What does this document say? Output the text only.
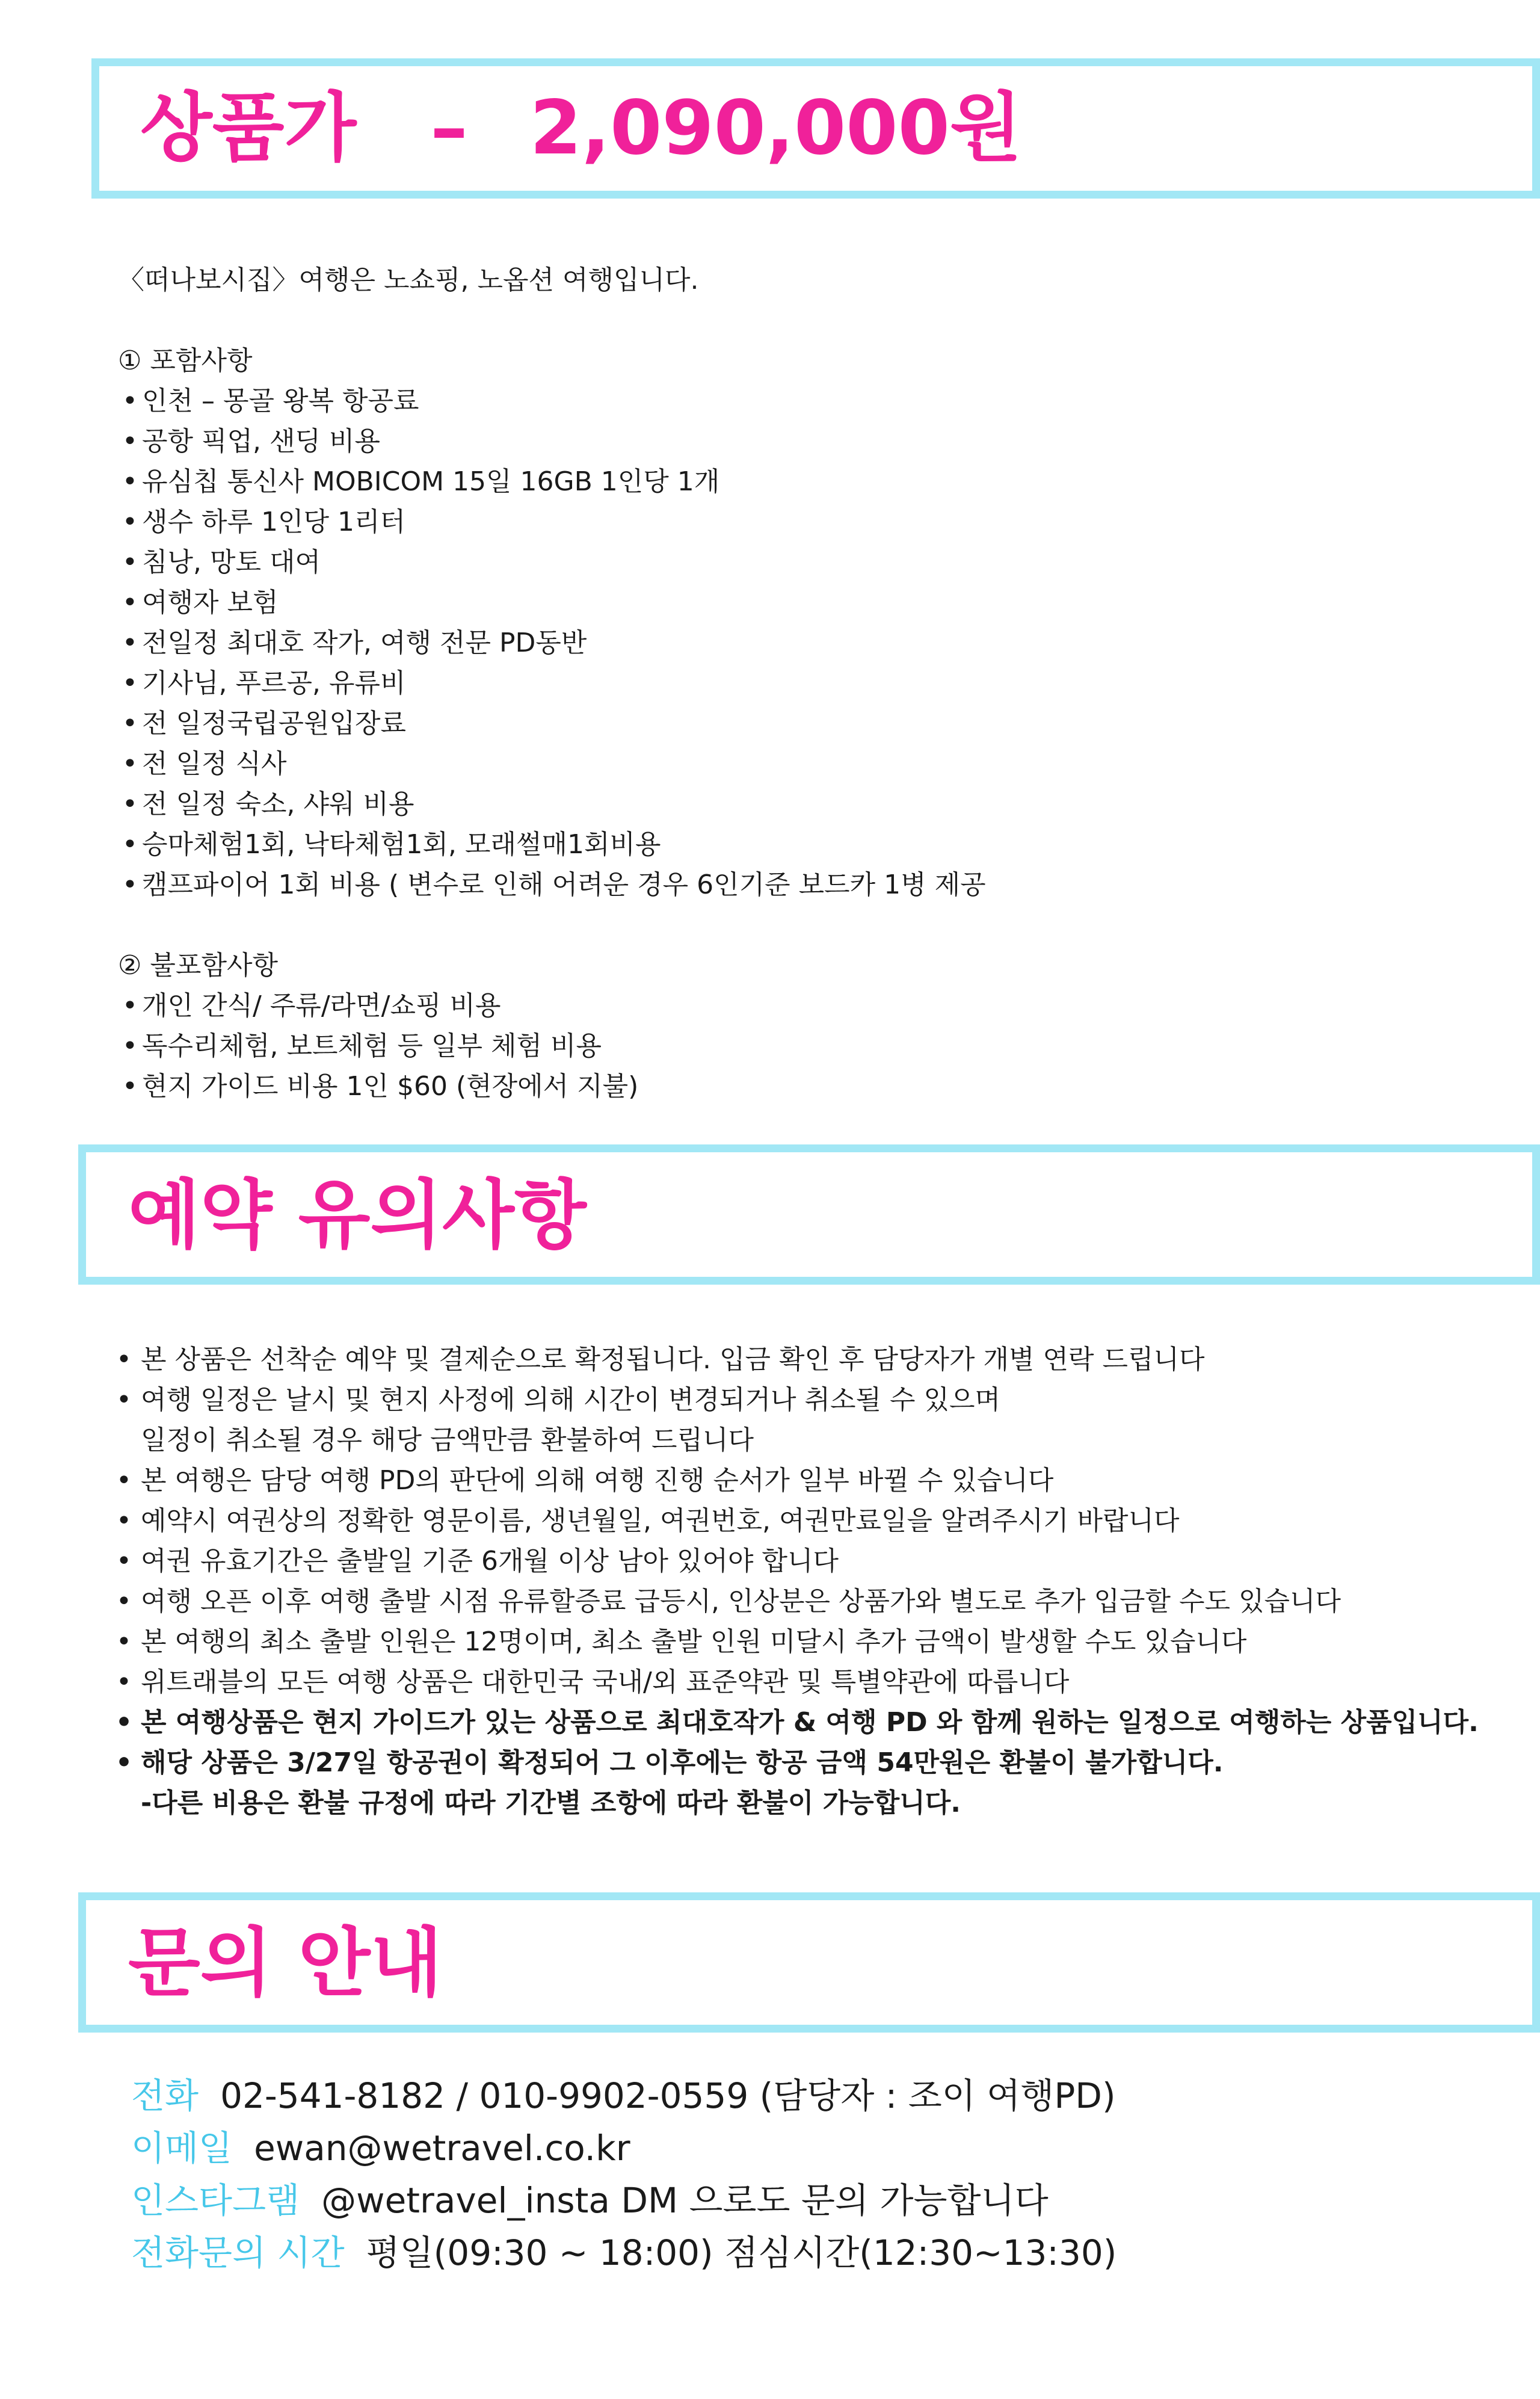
상품가 – 2,090,000원

〈떠나보시집〉여행은 노쇼핑, 노옵션 여행입니다.

① 포함사항

• 인천 – 몽골 왕복 항공료
• 공항 픽업, 샌딩 비용
• 유심칩 통신사 MOBICOM 15일 16GB 1인당 1개
• 생수 하루 1인당 1리터
• 침낭, 망토 대여
• 여행자 보험
• 전일정 최대호 작가, 여행 전문 PD동반
• 기사님, 푸르공, 유류비
• 전 일정국립공원입장료
• 전 일정 식사
• 전 일정 숙소, 샤워 비용
• 승마체험1회, 낙타체험1회, 모래썰매1회비용
• 캠프파이어 1회 비용 ( 변수로 인해 어려운 경우 6인기준 보드카 1병 제공

② 불포함사항

• 개인 간식/ 주류/라면/쇼핑 비용
• 독수리체험, 보트체험 등 일부 체험 비용
• 현지 가이드 비용 1인 $60 (현장에서 지불)
예약 유의사항
• 본 상품은 선착순 예약 및 결제순으로 확정됩니다. 입금 확인 후 담당자가 개별 연락 드립니다
• 여행 일정은 날시 및 현지 사정에 의해 시간이 변경되거나 취소될 수 있으며
일정이 취소될 경우 해당 금액만큼 환불하여 드립니다
• 본 여행은 담당 여행 PD의 판단에 의해 여행 진행 순서가 일부 바뀔 수 있습니다
• 예약시 여권상의 정확한 영문이름, 생년월일, 여권번호, 여권만료일을 알려주시기 바랍니다
• 여권 유효기간은 출발일 기준 6개월 이상 남아 있어야 합니다
• 여행 오픈 이후 여행 출발 시점 유류할증료 급등시, 인상분은 상품가와 별도로 추가 입금할 수도 있습니다
• 본 여행의 최소 출발 인원은 12명이며, 최소 출발 인원 미달시 추가 금액이 발생할 수도 있습니다
• 위트래블의 모든 여행 상품은 대한민국 국내/외 표준약관 및 특별약관에 따릅니다
• 본 여행상품은 현지 가이드가 있는 상품으로 최대호작가 & 여행 PD 와 함께 원하는 일정으로 여행하는 상품입니다.
• 해당 상품은 3/27일 항공권이 확정되어 그 이후에는 항공 금액 54만원은 환불이 불가합니다.
-다른 비용은 환불 규정에 따라 기간별 조항에 따라 환불이 가능합니다.
문의 안내
전화 02-541-8182 / 010-9902-0559 (담당자 : 조이 여행PD)
이메일 ewan@wetravel.co.kr
인스타그램 @wetravel_insta DM 으로도 문의 가능합니다
전화문의 시간 평일(09:30 ~ 18:00) 점심시간(12:30~13:30)
